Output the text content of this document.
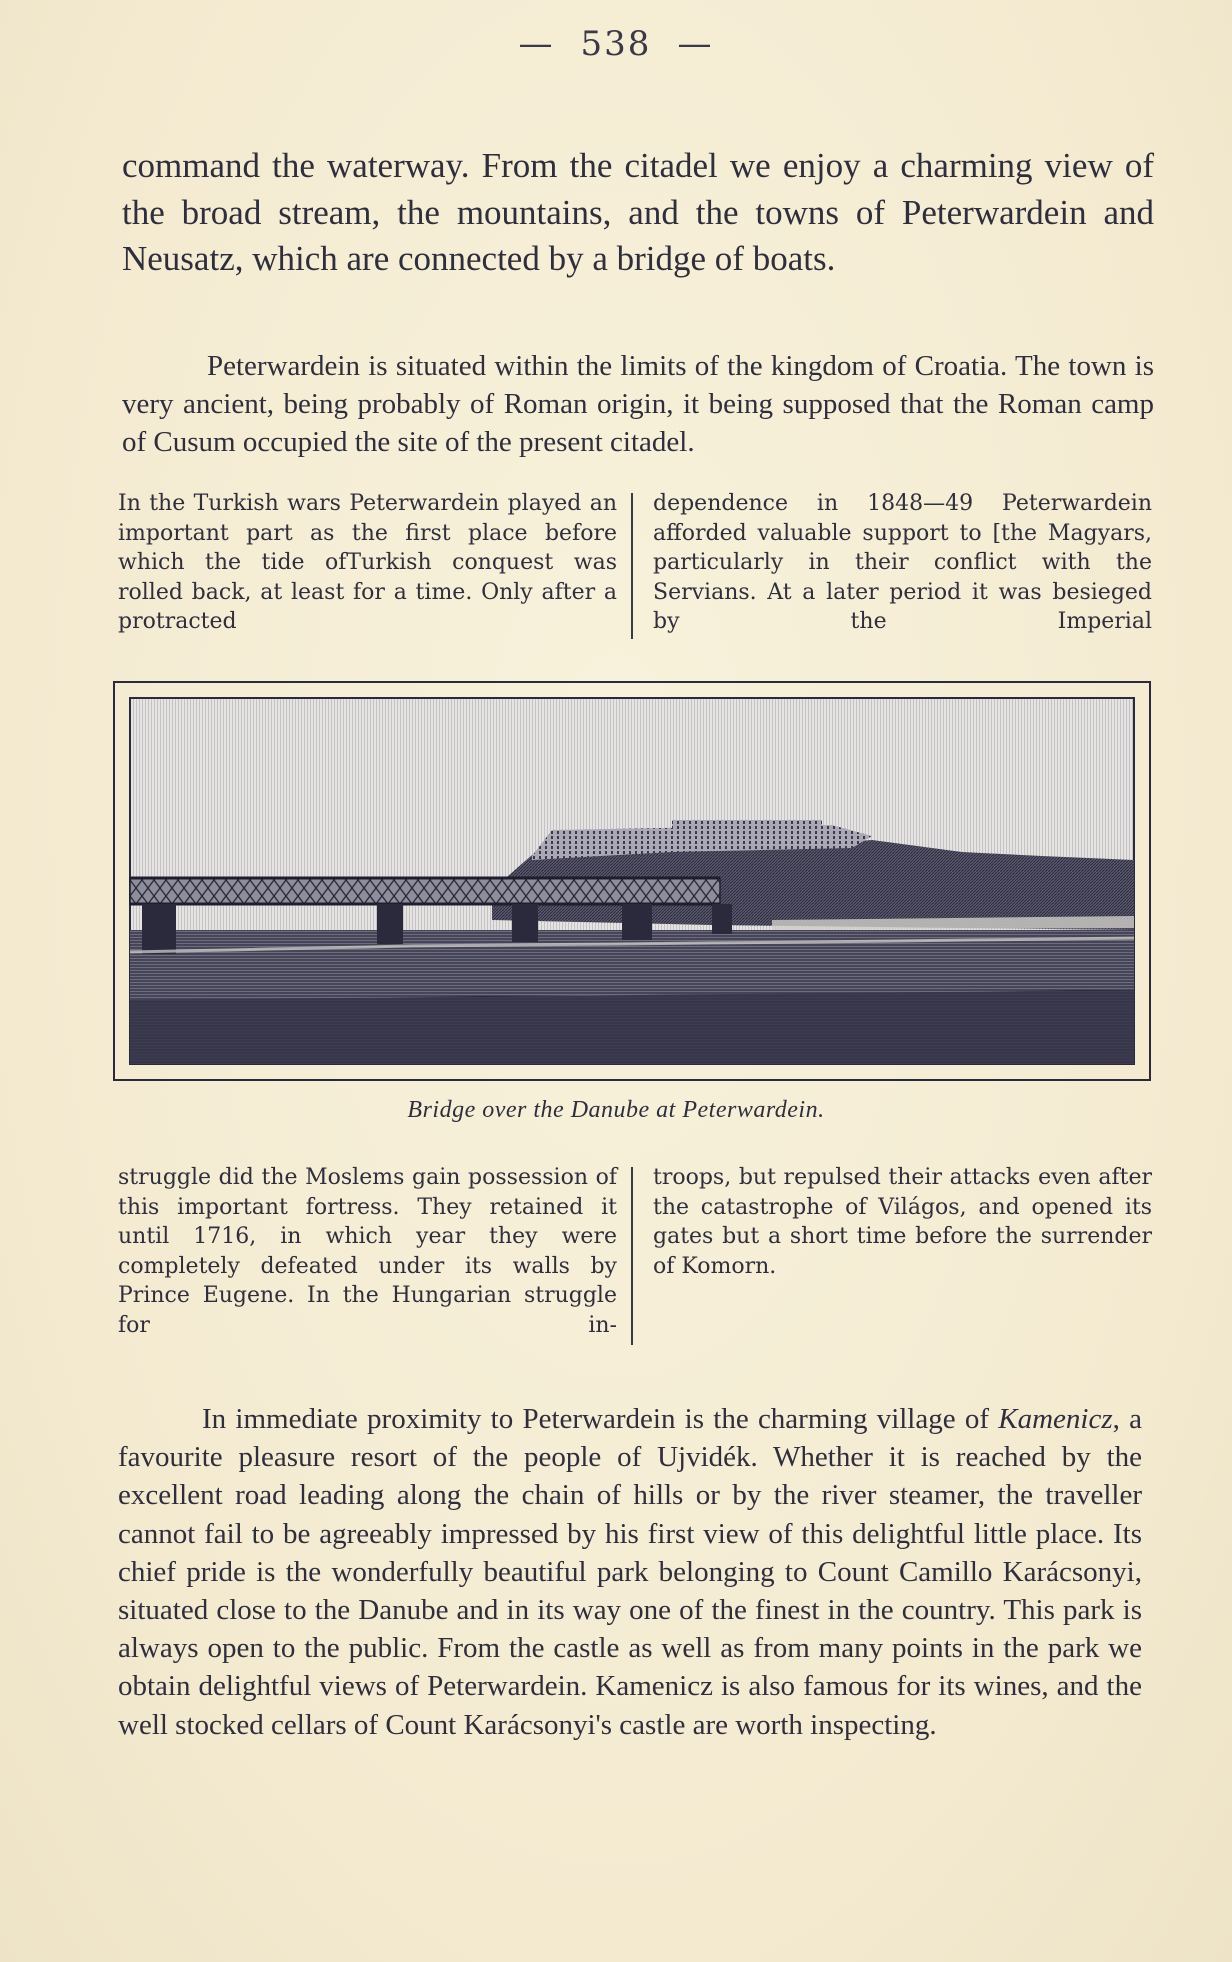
— 538 —

command the waterway. From the citadel we enjoy a charming view of the broad stream, the mountains, and the towns of Peterwardein and Neusatz, which are connected by a bridge of boats.

Peterwardein is situated within the limits of the kingdom of Croatia. The town is very ancient, being probably of Roman origin, it being supposed that the Roman camp of Cusum occupied the site of the present citadel.

In the Turkish wars Peterwardein played an important part as the first place before which the tide ofTurkish conquest was rolled back, at least for a time. Only after a protracted

dependence in 1848—49 Peterwardein afforded valuable support to [the Magyars, particularly in their conflict with the Servians. At a later period it was besieged by the Imperial

Bridge over the Danube at Peterwardein.

struggle did the Moslems gain possession of this important fortress. They retained it until 1716, in which year they were completely defeated under its walls by Prince Eugene. In the Hungarian struggle for in-

troops, but repulsed their attacks even after the catastrophe of Világos, and opened its gates but a short time before the surrender of Komorn.

In immediate proximity to Peterwardein is the charming village of Kamenicz, a favourite pleasure resort of the people of Ujvidék. Whether it is reached by the excellent road leading along the chain of hills or by the river steamer, the traveller cannot fail to be agreeably impressed by his first view of this delightful little place. Its chief pride is the wonderfully beautiful park belonging to Count Camillo Karácsonyi, situated close to the Danube and in its way one of the finest in the country. This park is always open to the public. From the castle as well as from many points in the park we obtain delightful views of Peterwardein. Kamenicz is also famous for its wines, and the well stocked cellars of Count Karácsonyi's castle are worth inspecting.
